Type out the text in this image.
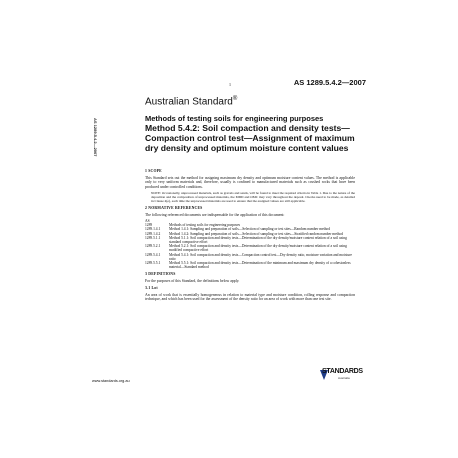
AS 1289.5.4.2—2007
1	AS 1289.5.4.2—2007
Australian Standard®
Methods of testing soils for engineering purposes
Method 5.4.2: Soil compaction and density tests—Compaction control test—Assignment of maximum dry density and optimum moisture content values
1 SCOPE
This Standard sets out the method for assigning maximum dry density and optimum moisture content values. The method is applicable only to very uniform materials and, therefore, usually is confined to manufactured materials such as crushed rocks that have been produced under controlled conditions.
NOTE: Occasionally, unprocessed materials, such as gravels and sands, will be found to meet the required criteria in Table 1. Due to the nature of the deposition and the composition of unprocessed materials, the MDD and OMC may vary throughout the deposit. Checks need to be made, as detailed in Clause 4(e), each time the unprocessed materials are used to ensure that the assigned values are still applicable.
2 NORMATIVE REFERENCES
The following referenced documents are indispensable for the application of this document:
AS
1289	Methods of testing soils for engineering purposes
1289.1.4.1	Method 1.4.1: Sampling and preparation of soils—Selection of sampling or test sites—Random number method
1289.1.4.2	Method 1.4.2: Sampling and preparation of soils—Selection of sampling or test sites—Stratified random number method
1289.5.1.1	Method 5.1.1: Soil compaction and density tests—Determination of the dry density/moisture content relation of a soil using standard compactive effort
1289.5.2.1	Method 5.2.1: Soil compaction and density tests—Determination of the dry density/moisture content relation of a soil using modified compactive effort
1289.5.4.1	Method 5.4.1: Soil compaction and density tests—Compaction control test—Dry density ratio, moisture variation and moisture ratio
1289.5.5.1	Method 5.5.1: Soil compaction and density tests—Determination of the minimum and maximum dry density of a cohesionless material—Standard method
3 DEFINITIONS
For the purposes of this Standard, the definitions below apply.
3.1 Lot
An area of work that is essentially homogeneous in relation to material type and moisture condition, rolling response and compaction technique, and which has been used for the assessment of the density ratio for an area of work with more than one test site.
www.standards.org.au
STANDARDS
Australia
